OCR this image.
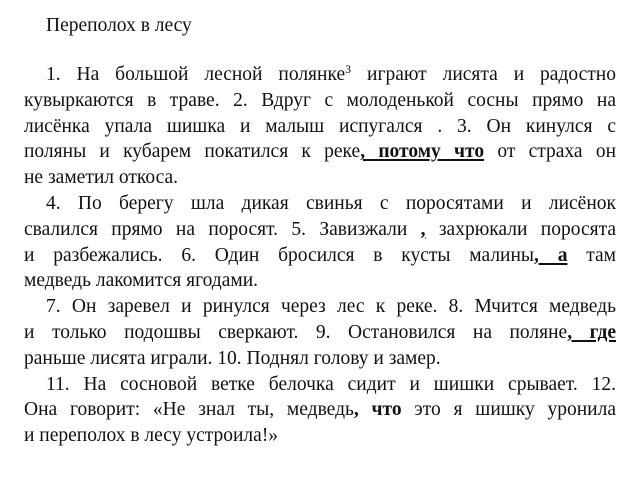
Переполох в лесу
1. На большой лесной полянке$^3$ играют лисята и радостно
кувыркаются в траве. 2. Вдруг с молоденькой сосны прямо на
лисёнка упала шишка и малыш испугался . 3. Он кинулся с
поляны и кубарем покатился к реке, потому что от страха он
не заметил откоса.
4. По берегу шла дикая свинья с поросятами и лисёнок
свалился прямо на поросят. 5. Завизжали , захрюкали поросята
и разбежались. 6. Один бросился в кусты малины, а там
медведь лакомится ягодами.
7. Он заревел и ринулся через лес к реке. 8. Мчится медведь
и только подошвы сверкают. 9. Остановился на поляне, где
раньше лисята играли. 10. Поднял голову и замер.
11. На сосновой ветке белочка сидит и шишки срывает. 12.
Она говорит: «Не знал ты, медведь, что это я шишку уронила
и переполох в лесу устроила!»
